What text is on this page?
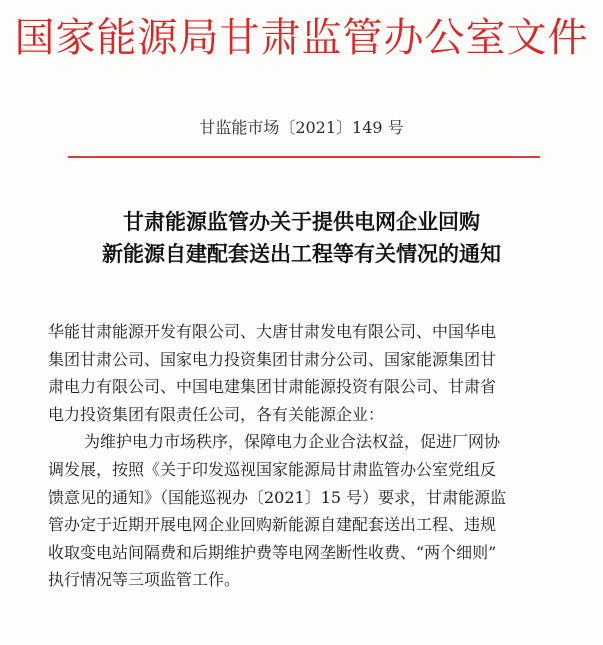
国家能源局甘肃监管办公室文件
甘监能市场〔2021〕149 号
甘肃能源监管办关于提供电网企业回购
新能源自建配套送出工程等有关情况的通知
华能甘肃能源开发有限公司、大唐甘肃发电有限公司、中国华电
集团甘肃公司、国家电力投资集团甘肃分公司、国家能源集团甘
肃电力有限公司、中国电建集团甘肃能源投资有限公司、甘肃省
电力投资集团有限责任公司，各有关能源企业：
为维护电力市场秩序，保障电力企业合法权益，促进厂网协
调发展，按照《关于印发巡视国家能源局甘肃监管办公室党组反
馈意见的通知》（国能巡视办〔2021〕15 号）要求，甘肃能源监
管办定于近期开展电网企业回购新能源自建配套送出工程、违规
收取变电站间隔费和后期维护费等电网垄断性收费、“两个细则”
执行情况等三项监管工作。
